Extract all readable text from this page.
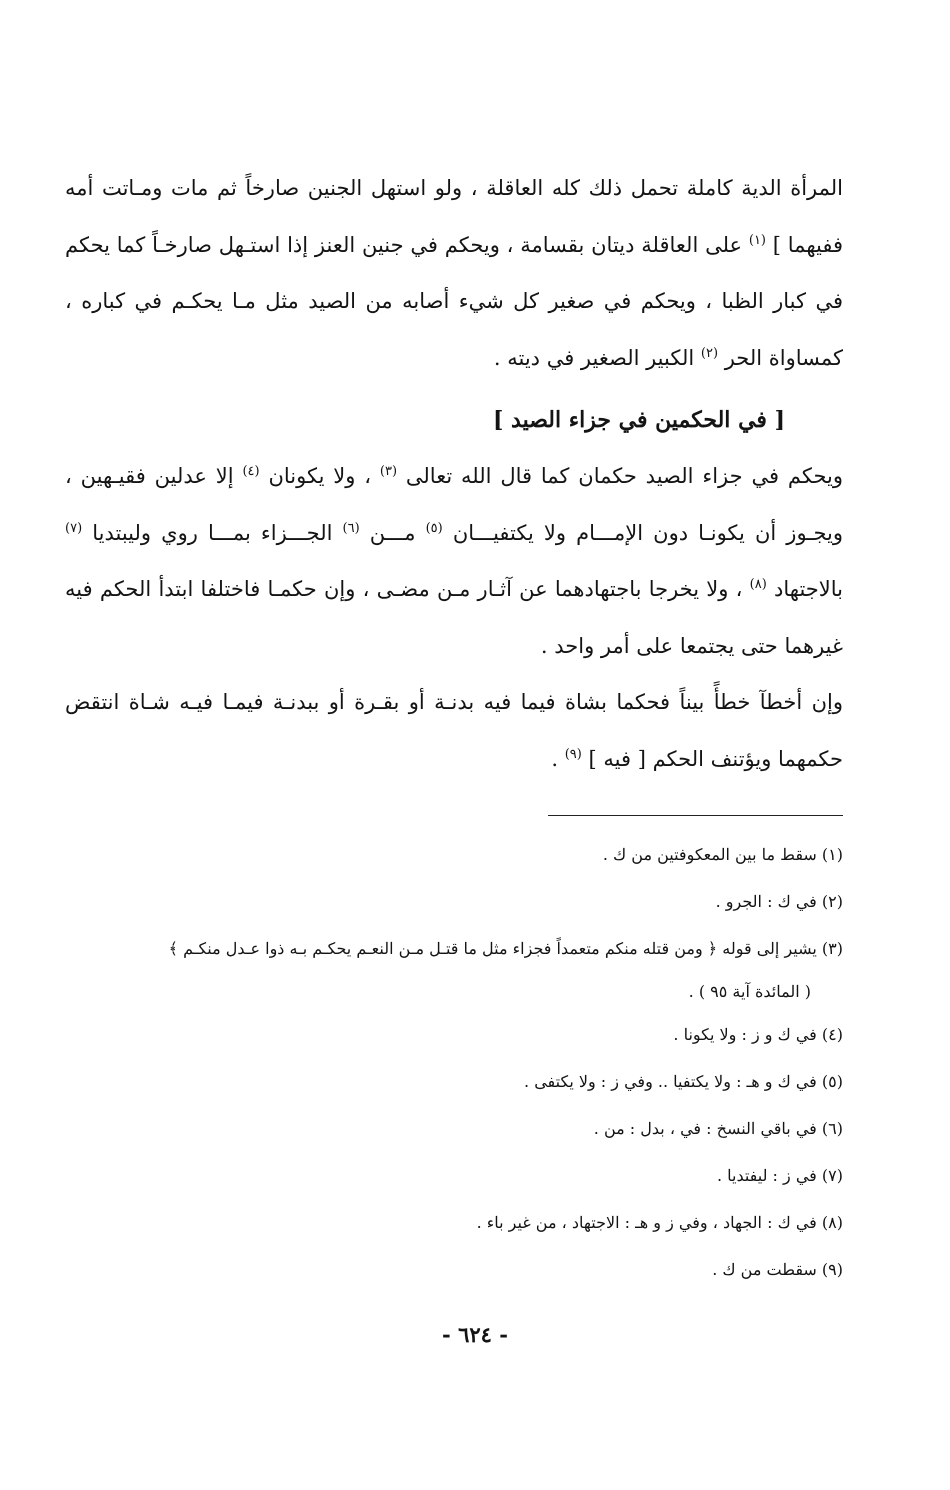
المرأة الدية كاملة تحمل ذلك كله العاقلة ، ولو استهل الجنين صارخاً ثم مات ومـاتت أمه ففيهما ] $^{(١)}$ على العاقلة ديتان بقسامة ، ويحكم في جنين العنز إذا استـهل صارخـاً كما يحكم في كبار الظبا ، ويحكم في صغير كل شيء أصابه من الصيد مثل مـا يحكـم في كباره ، كمساواة الحر $^{(٢)}$ الكبير الصغير في ديته .

[ في الحكمين في جزاء الصيد ]

ويحكم في جزاء الصيد حكمان كما قال الله تعالى $^{(٣)}$ ، ولا يكونان $^{(٤)}$ إلا عدلين فقيـهين ، ويجـوز أن يكونـا دون الإمـــام ولا يكتفيـــان $^{(٥)}$ مـــن $^{(٦)}$ الجـــزاء بمـــا روي وليبتديا $^{(٧)}$ بالاجتهاد $^{(٨)}$ ، ولا يخرجا باجتهادهما عن آثـار مـن مضـى ، وإن حكمـا فاختلفا ابتدأ الحكم فيه غيرهما حتى يجتمعا على أمر واحد .

وإن أخطآ خطأً بيناً فحكما بشاة فيما فيه بدنـة أو بقـرة أو ببدنـة فيمـا فيـه شـاة انتقض حكمهما ويؤتنف الحكم [ فيه ] $^{(٩)}$ .

(١) سقط ما بين المعكوفتين من ك .

(٢) في ك : الجرو .

(٣) يشير إلى قوله ﴿ ومن قتله منكم متعمداً فجزاء مثل ما قتـل مـن النعـم يحكـم بـه ذوا عـدل منكـم ﴾
( المائدة آية ٩٥ ) .

(٤) في ك و ز : ولا يكونا .

(٥) في ك و هـ : ولا يكتفيا .. وفي ز : ولا يكتفى .

(٦) في باقي النسخ : في ، بدل : من .

(٧) في ز : ليفتديا .

(٨) في ك : الجهاد ، وفي ز و هـ : الاجتهاد ، من غير باء .

(٩) سقطت من ك .

- ٦٢٤ -
